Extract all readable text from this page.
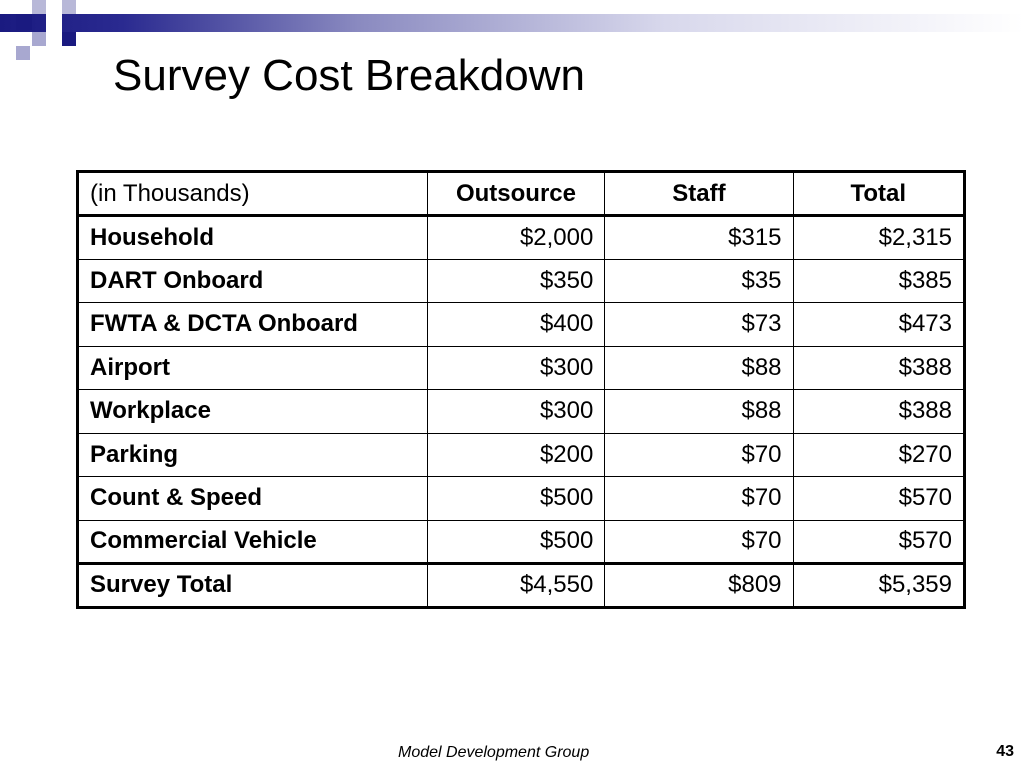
Survey Cost Breakdown
(in Thousands)	Outsource	Staff	Total
Household	$2,000	$315	$2,315
DART Onboard	$350	$35	$385
FWTA & DCTA Onboard	$400	$73	$473
Airport	$300	$88	$388
Workplace	$300	$88	$388
Parking	$200	$70	$270
Count & Speed	$500	$70	$570
Commercial Vehicle	$500	$70	$570
Survey Total	$4,550	$809	$5,359
Model Development Group	43
